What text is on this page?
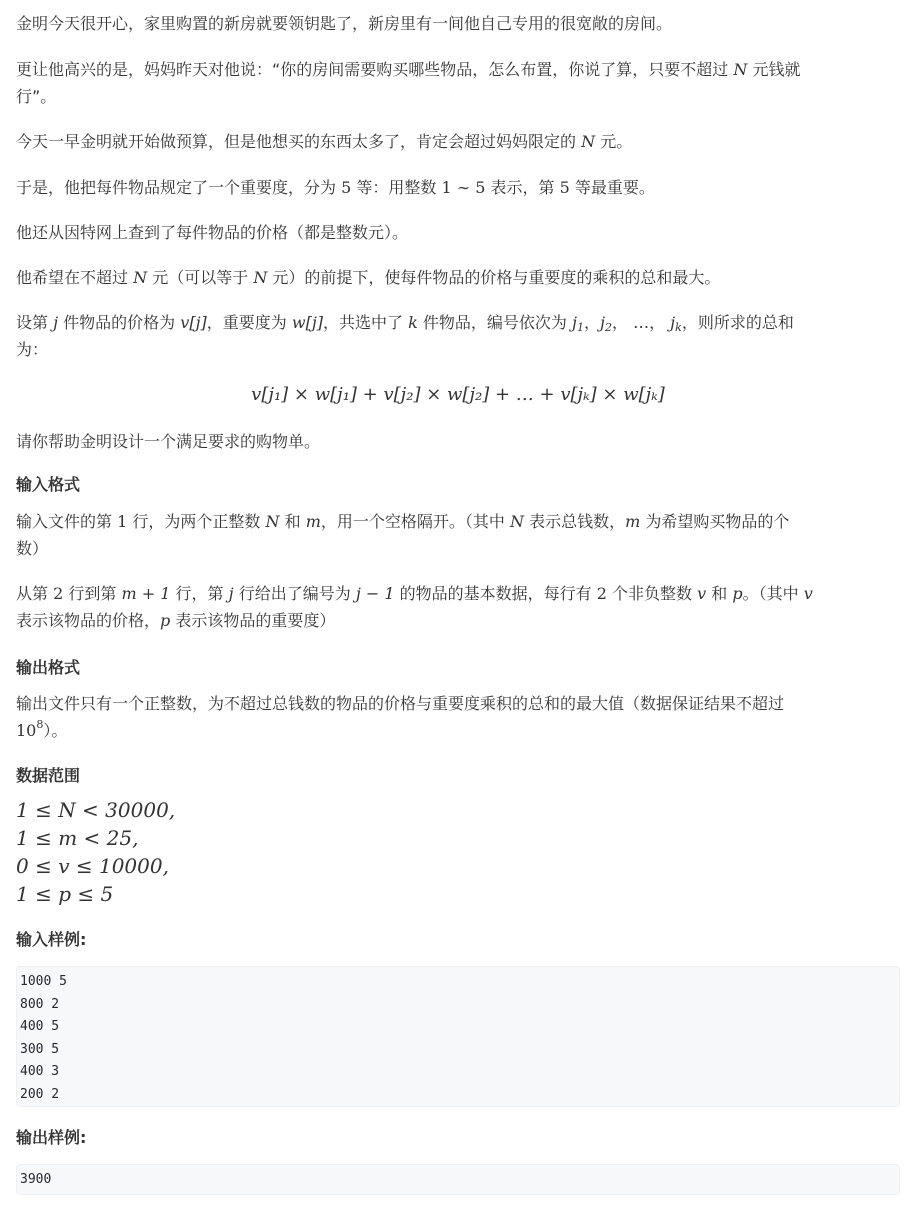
金明今天很开心，家里购置的新房就要领钥匙了，新房里有一间他自己专用的很宽敞的房间。
更让他高兴的是，妈妈昨天对他说：“你的房间需要购买哪些物品，怎么布置，你说了算，只要不超过 N 元钱就
行”。
今天一早金明就开始做预算，但是他想买的东西太多了，肯定会超过妈妈限定的 N 元。
于是，他把每件物品规定了一个重要度，分为 5 等：用整数 1 ∼ 5 表示，第 5 等最重要。
他还从因特网上查到了每件物品的价格（都是整数元）。
他希望在不超过 N 元（可以等于 N 元）的前提下，使每件物品的价格与重要度的乘积的总和最大。
设第 j 件物品的价格为 v[j]，重要度为 w[j]，共选中了 k 件物品，编号依次为 $j_1$，$j_2$， …， $j_k$，则所求的总和
为：
v[j₁] × w[j₁] + v[j₂] × w[j₂] + … + v[jₖ] × w[jₖ]
请你帮助金明设计一个满足要求的购物单。
输入格式
输入文件的第 1 行，为两个正整数 N 和 m，用一个空格隔开。（其中 N 表示总钱数，m 为希望购买物品的个
数）
从第 2 行到第 m + 1 行，第 j 行给出了编号为 j − 1 的物品的基本数据，每行有 2 个非负整数 v 和 p。（其中 v
表示该物品的价格，p 表示该物品的重要度）
输出格式
输出文件只有一个正整数，为不超过总钱数的物品的价格与重要度乘积的总和的最大值（数据保证结果不超过
$10^8$）。
数据范围
1 ≤ N < 30000,
1 ≤ m < 25,
0 ≤ v ≤ 10000,
1 ≤ p ≤ 5
输入样例:
1000 5
800 2
400 5
300 5
400 3
200 2
输出样例:
3900
